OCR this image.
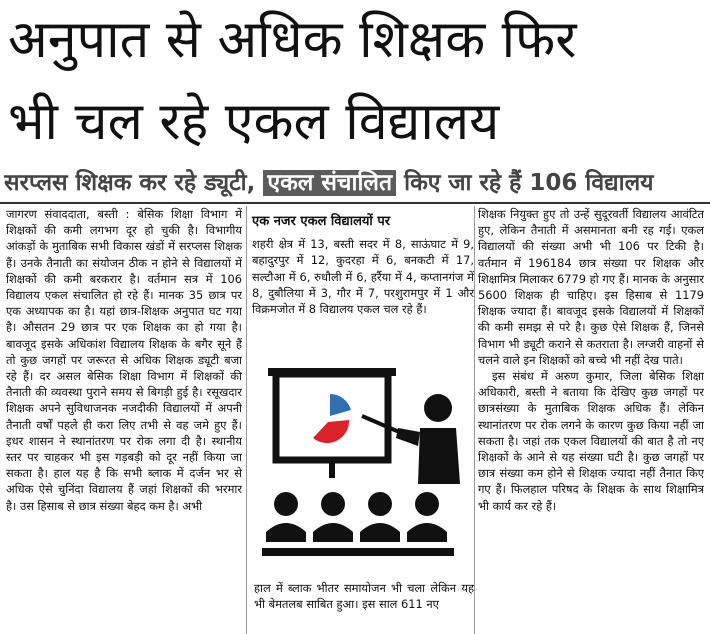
अनुपात से अधिक शिक्षक फिर
भी चल रहे एकल विद्यालय
सरप्लस शिक्षक कर रहे ड्यूटी, एकल संचालित किए जा रहे हैं 106 विद्यालय

जागरण संवाददाता, बस्ती : बेसिक शिक्षा विभाग में शिक्षकों की कमी लगभग दूर हो चुकी है। विभागीय आंकड़ों के मुताबिक सभी विकास खंडों में सरप्लस शिक्षक हैं। उनके तैनाती का संयोजन ठीक न होने से विद्यालयों में शिक्षकों की कमी बरकरार है। वर्तमान सत्र में 106 विद्यालय एकल संचालित हो रहे हैं। मानक 35 छात्र पर एक अध्यापक का है। यहां छात्र-शिक्षक अनुपात घट गया है। औसतन 29 छात्र पर एक शिक्षक का हो गया है। बावजूद इसके अधिकांश विद्यालय शिक्षक के बगैर सूने हैं तो कुछ जगहों पर जरूरत से अधिक शिक्षक ड्यूटी बजा रहे हैं। दर असल बेसिक शिक्षा विभाग में शिक्षकों की तैनाती की व्यवस्था पुराने समय से बिगड़ी हुई है। रसूखदार शिक्षक अपने सुविधाजनक नजदीकी विद्यालयों में अपनी तैनाती वर्षों पहले ही करा लिए तभी से वह जमे हुए हैं। इधर शासन ने स्थानांतरण पर रोक लगा दी है। स्थानीय स्तर पर चाहकर भी इस गड़बड़ी को दूर नहीं किया जा सकता है। हाल यह है कि सभी ब्लाक में दर्जन भर से अधिक ऐसे चुनिंदा विद्यालय हैं जहां शिक्षकों की भरमार है। उस हिसाब से छात्र संख्या बेहद कम है। अभी

एक नजर एकल विद्यालयों पर
शहरी क्षेत्र में 13, बस्ती सदर में 8, साऊंघाट में 9, बहादुरपुर में 12, कुदरहा में 6, बनकटी में 17, सल्टौआ में 6, रुधौली में 6, हर्रैया में 4, कप्तानगंज में 8, दुबौलिया में 3, गौर में 7, परशुरामपुर में 1 और विक्रमजोत में 8 विद्यालय एकल चल रहे हैं।
हाल में ब्लाक भीतर समायोजन भी चला लेकिन यह भी बेमतलब साबित हुआ। इस साल 611 नए

शिक्षक नियुक्त हुए तो उन्हें सुदूरवर्ती विद्यालय आवंटित हुए, लेकिन तैनाती में असमानता बनी रह गई। एकल विद्यालयों की संख्या अभी भी 106 पर टिकी है। वर्तमान में 196184 छात्र संख्या पर शिक्षक और शिक्षामित्र मिलाकर 6779 हो गए हैं। मानक के अनुसार 5600 शिक्षक ही चाहिए। इस हिसाब से 1179 शिक्षक ज्यादा हैं। बावजूद इसके विद्यालयों में शिक्षकों की कमी समझ से परे है। कुछ ऐसे शिक्षक हैं, जिनसे विभाग भी ड्यूटी कराने से कतराता है। लग्जरी वाहनों से चलने वाले इन शिक्षकों को बच्चे भी नहीं देख पाते।

इस संबंध में अरुण कुमार, जिला बेसिक शिक्षा अधिकारी, बस्ती ने बताया कि देखिए कुछ जगहों पर छात्रसंख्या के मुताबिक शिक्षक अधिक हैं। लेकिन स्थानांतरण पर रोक लगने के कारण कुछ किया नहीं जा सकता है। जहां तक एकल विद्यालयों की बात है तो नए शिक्षकों के आने से यह संख्या घटी है। कुछ जगहों पर छात्र संख्या कम होने से शिक्षक ज्यादा नहीं तैनात किए गए हैं। फिलहाल परिषद के शिक्षक के साथ शिक्षामित्र भी कार्य कर रहे हैं।
